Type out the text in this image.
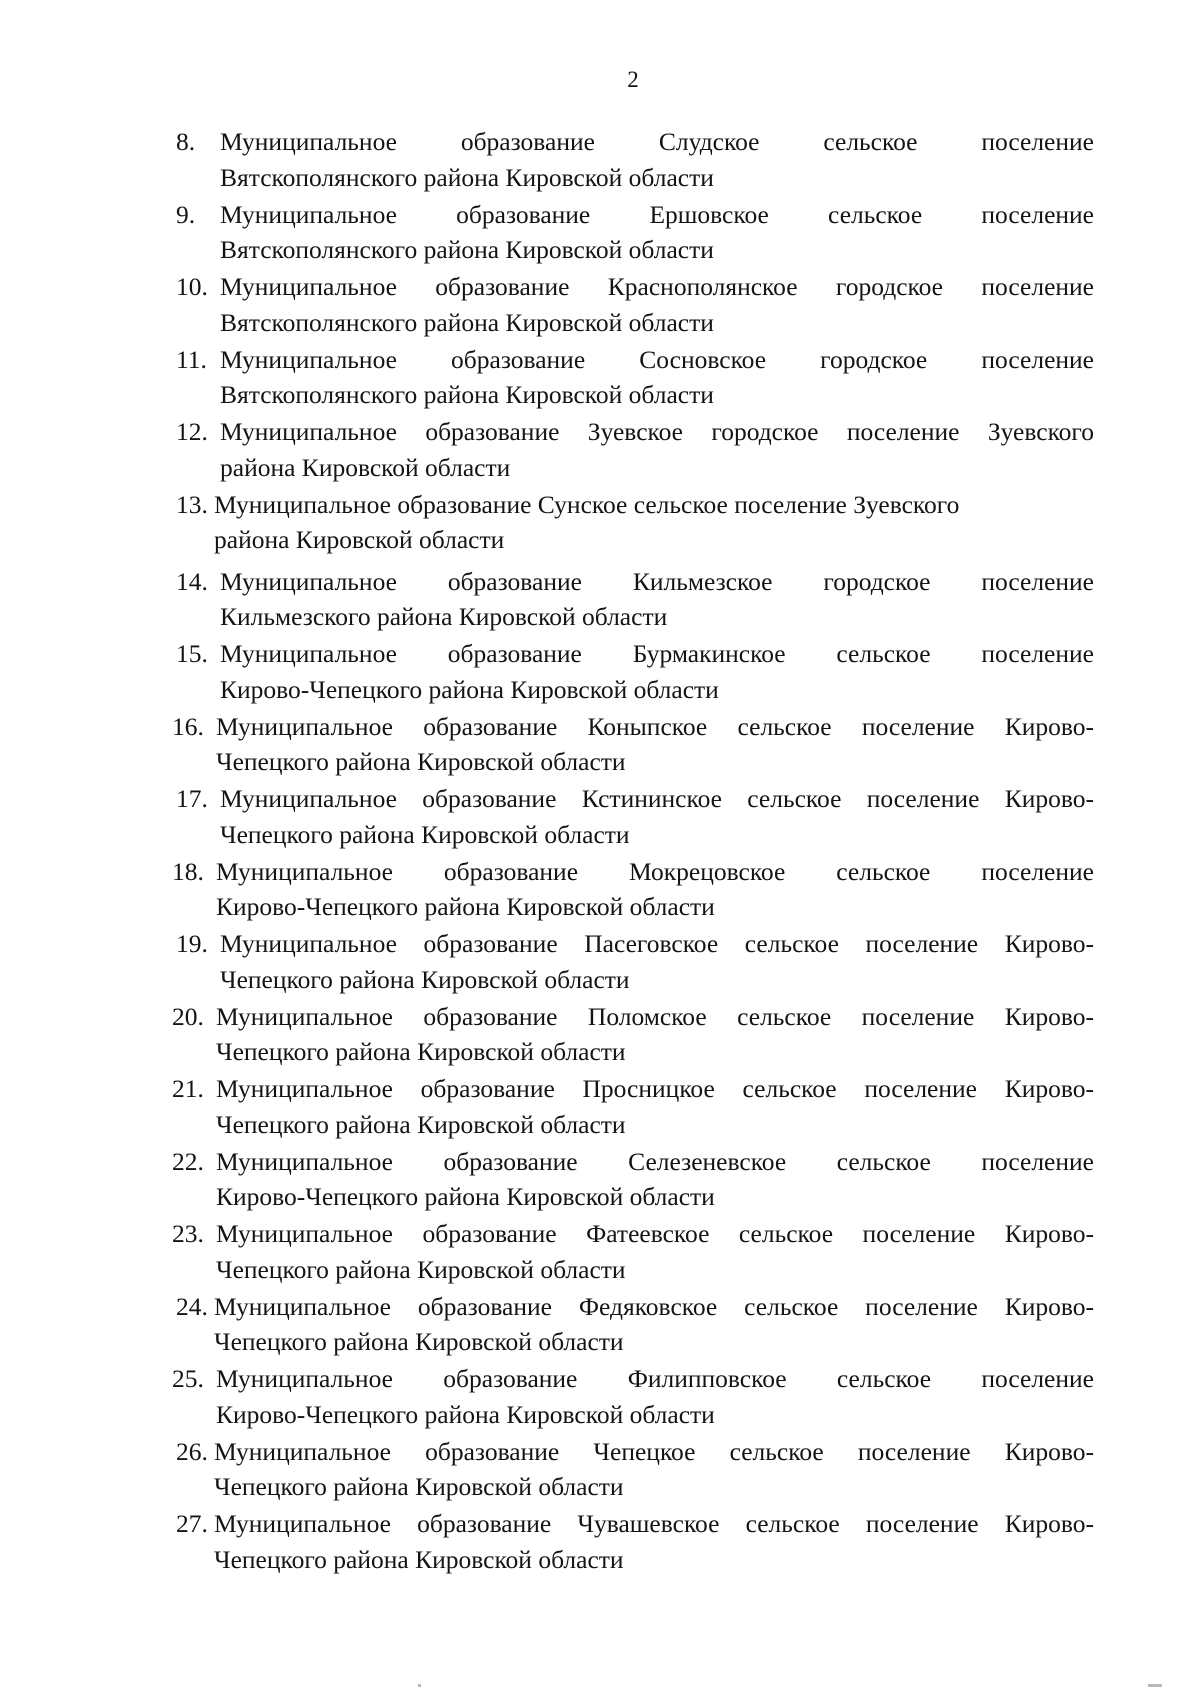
2
8. Муниципальное образование Слудское сельское поселение
Вятскополянского района Кировской области
9. Муниципальное образование Ершовское сельское поселение
Вятскополянского района Кировской области
10. Муниципальное образование Краснополянское городское поселение
Вятскополянского района Кировской области
11. Муниципальное образование Сосновское городское поселение
Вятскополянского района Кировской области
12. Муниципальное образование Зуевское городское поселение Зуевского
района Кировской области
13. Муниципальное образование Сунское сельское поселение Зуевского
района Кировской области
14. Муниципальное образование Кильмезское городское поселение
Кильмезского района Кировской области
15. Муниципальное образование Бурмакинское сельское поселение
Кирово-Чепецкого района Кировской области
16. Муниципальное образование Коныпское сельское поселение Кирово-
Чепецкого района Кировской области
17. Муниципальное образование Кстининское сельское поселение Кирово-
Чепецкого района Кировской области
18. Муниципальное образование Мокрецовское сельское поселение
Кирово-Чепецкого района Кировской области
19. Муниципальное образование Пасеговское сельское поселение Кирово-
Чепецкого района Кировской области
20. Муниципальное образование Поломское сельское поселение Кирово-
Чепецкого района Кировской области
21. Муниципальное образование Просницкое сельское поселение Кирово-
Чепецкого района Кировской области
22. Муниципальное образование Селезеневское сельское поселение
Кирово-Чепецкого района Кировской области
23. Муниципальное образование Фатеевское сельское поселение Кирово-
Чепецкого района Кировской области
24. Муниципальное образование Федяковское сельское поселение Кирово-
Чепецкого района Кировской области
25. Муниципальное образование Филипповское сельское поселение
Кирово-Чепецкого района Кировской области
26. Муниципальное образование Чепецкое сельское поселение Кирово-
Чепецкого района Кировской области
27. Муниципальное образование Чувашевское сельское поселение Кирово-
Чепецкого района Кировской области
